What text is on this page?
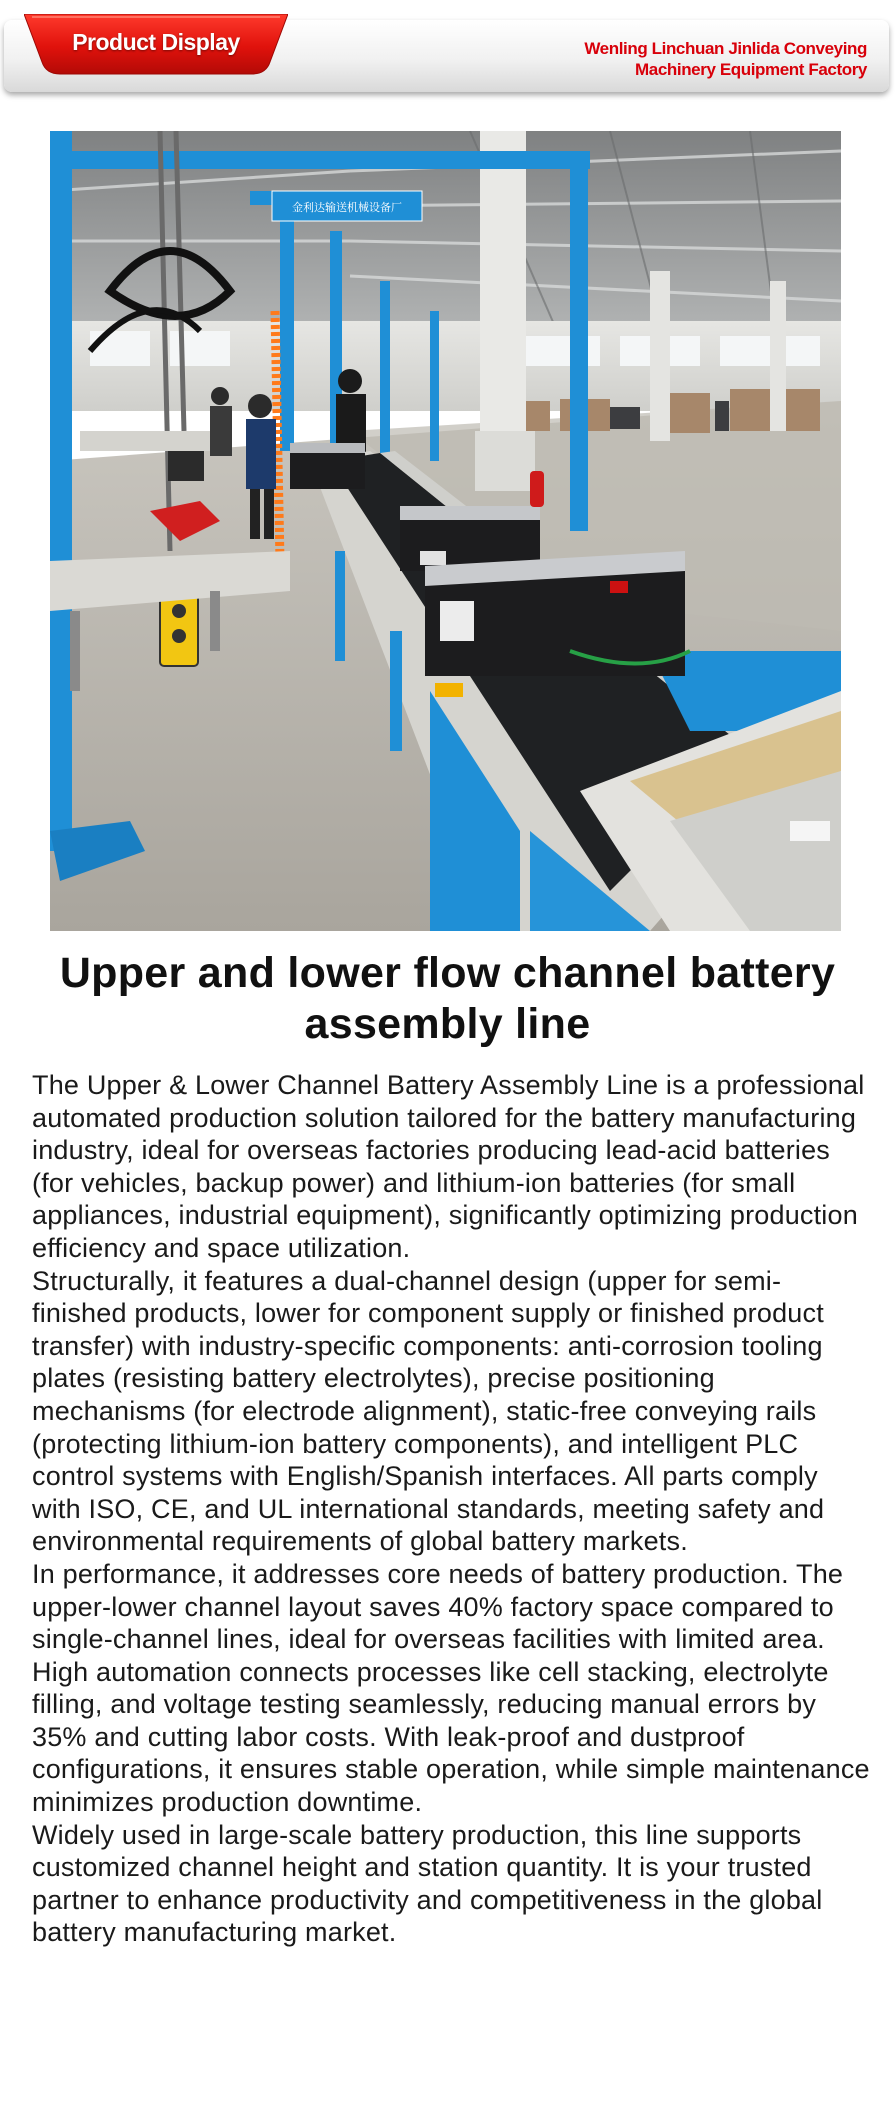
Product Display	Wenling Linchuan Jinlida Conveying Machinery Equipment Factory
金利达输送机械设备厂
Upper and lower flow channel battery assembly line

The Upper & Lower Channel Battery Assembly Line is a professional automated production solution tailored for the battery manufacturing industry, ideal for overseas factories producing lead-acid batteries (for vehicles, backup power) and lithium-ion batteries (for small appliances, industrial equipment), significantly optimizing production efficiency and space utilization.

Structurally, it features a dual-channel design (upper for semi-finished products, lower for component supply or finished product transfer) with industry-specific components: anti-corrosion tooling plates (resisting battery electrolytes), precise positioning mechanisms (for electrode alignment), static-free conveying rails (protecting lithium-ion battery components), and intelligent PLC control systems with English/Spanish interfaces. All parts comply with ISO, CE, and UL international standards, meeting safety and environmental requirements of global battery markets.

In performance, it addresses core needs of battery production. The upper-lower channel layout saves 40% factory space compared to single-channel lines, ideal for overseas facilities with limited area. High automation connects processes like cell stacking, electrolyte filling, and voltage testing seamlessly, reducing manual errors by 35% and cutting labor costs. With leak-proof and dustproof configurations, it ensures stable operation, while simple maintenance minimizes production downtime.

Widely used in large-scale battery production, this line supports customized channel height and station quantity. It is your trusted partner to enhance productivity and competitiveness in the global battery manufacturing market.
